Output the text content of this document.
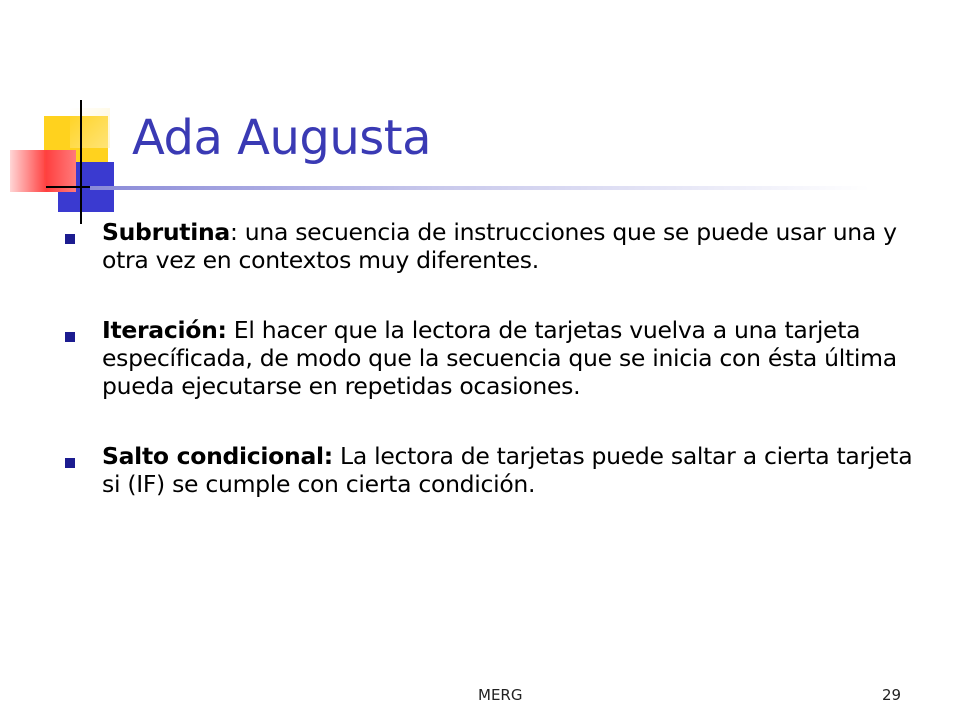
Ada Augusta
Subrutina: una secuencia de instrucciones que se puede usar una y otra vez en contextos muy diferentes.
Iteración: El hacer que la lectora de tarjetas vuelva a una tarjeta específicada, de modo que la secuencia que se inicia con ésta última pueda ejecutarse en repetidas ocasiones.
Salto condicional: La lectora de tarjetas puede saltar a cierta tarjeta si (IF) se cumple con cierta condición.
MERG	29
